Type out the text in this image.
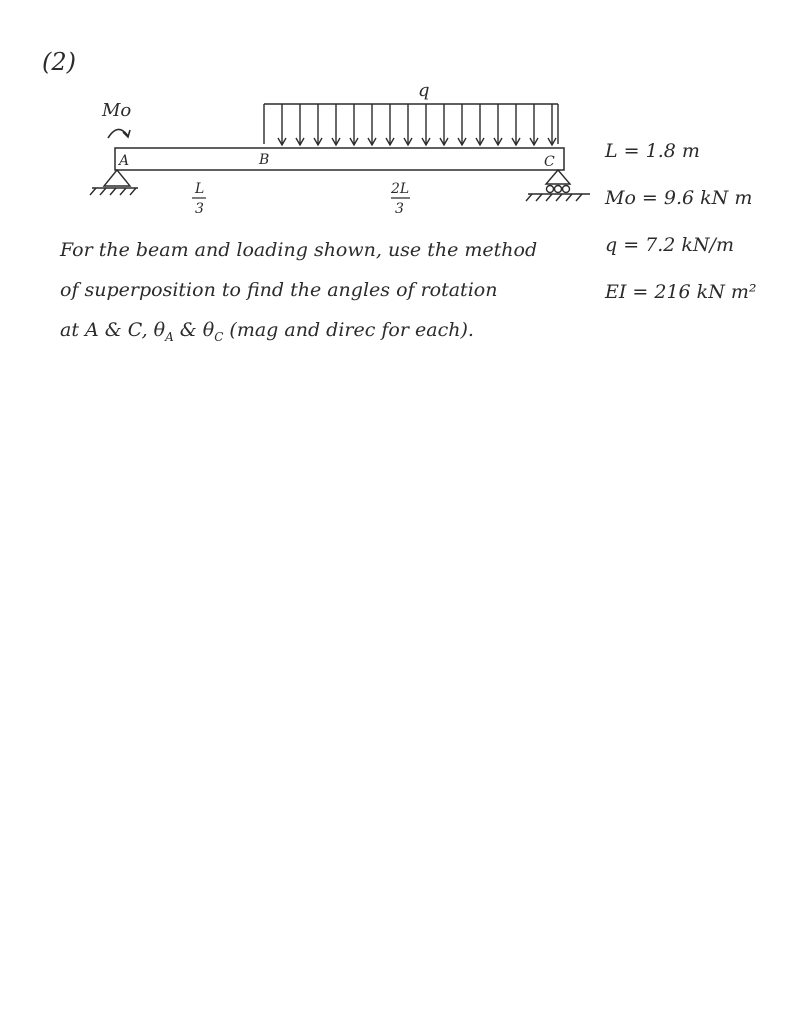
(2)
q
Mo
A	B	C
L
3
2L
3
L = 1.8 m
Mo = 9.6 kN m
q = 7.2 kN/m
EI = 216 kN m²
For the beam and loading shown, use the method
of superposition to find the angles of rotation
at A & C, $\theta_A$ & $\theta_C$ (mag and direc for each).
